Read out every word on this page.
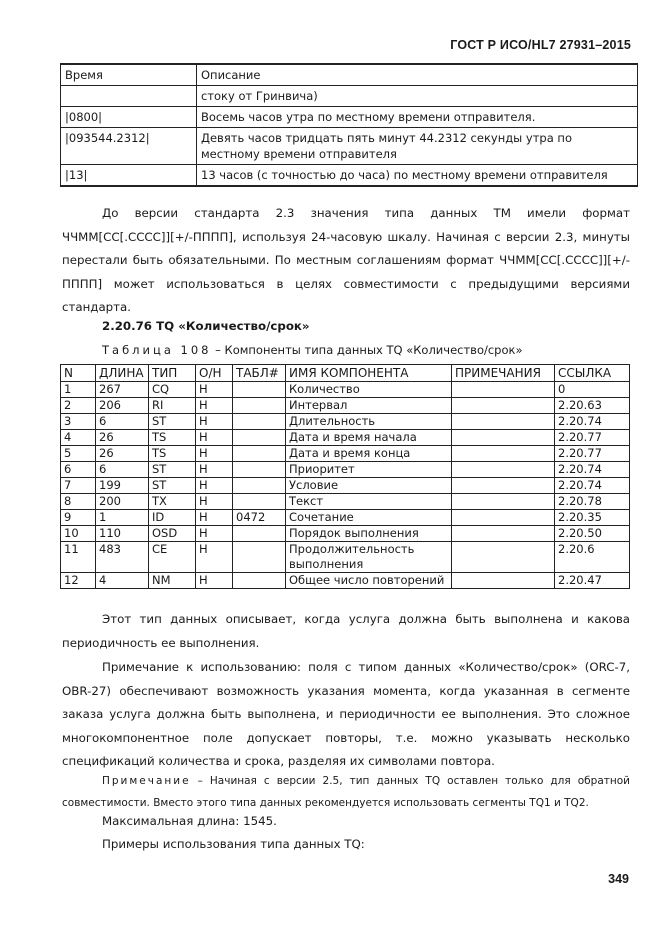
ГОСТ Р ИСО/HL7 27931–2015
Время	Описание
	стоку от Гринвича)
|0800|	Восемь часов утра по местному времени отправителя.
|093544.2312|	Девять часов тридцать пять минут 44.2312 секунды утра по местному времени отправителя
|13|	13 часов (с точностью до часа) по местному времени отправителя
До версии стандарта 2.3 значения типа данных TM имели формат ЧЧММ[СС[.СССС]][+/-ПППП], используя 24-часовую шкалу. Начиная с версии 2.3, минуты перестали быть обязательными. По местным соглашениям формат ЧЧММ[СС[.СССС]][+/-ПППП] может использоваться в целях совместимости с предыдущими версиями стандарта.
2.20.76 TQ «Количество/срок»
Таблица 108 – Компоненты типа данных TQ «Количество/срок»
N	ДЛИНА	ТИП	О/Н	ТАБЛ#	ИМЯ КОМПОНЕНТА	ПРИМЕЧАНИЯ	ССЫЛКА
1	267	CQ	Н		Количество		0
2	206	RI	Н		Интервал		2.20.63
3	6	ST	Н		Длительность		2.20.74
4	26	TS	Н		Дата и время начала		2.20.77
5	26	TS	Н		Дата и время конца		2.20.77
6	6	ST	Н		Приоритет		2.20.74
7	199	ST	Н		Условие		2.20.74
8	200	TX	Н		Текст		2.20.78
9	1	ID	Н	0472	Сочетание		2.20.35
10	110	OSD	Н		Порядок выполнения		2.20.50
11	483	CE	Н		Продолжительность выполнения		2.20.6
12	4	NM	Н		Общее число повторений		2.20.47
Этот тип данных описывает, когда услуга должна быть выполнена и какова периодичность ее выполнения.
Примечание к использованию: поля с типом данных «Количество/срок» (ORC-7, OBR-27) обеспечивают возможность указания момента, когда указанная в сегменте заказа услуга должна быть выполнена, и периодичности ее выполнения. Это сложное многокомпонентное поле допускает повторы, т.е. можно указывать несколько спецификаций количества и срока, разделяя их символами повтора.
Примечание – Начиная с версии 2.5, тип данных TQ оставлен только для обратной совместимости. Вместо этого типа данных рекомендуется использовать сегменты TQ1 и TQ2.
Максимальная длина: 1545.
Примеры использования типа данных TQ:
349
